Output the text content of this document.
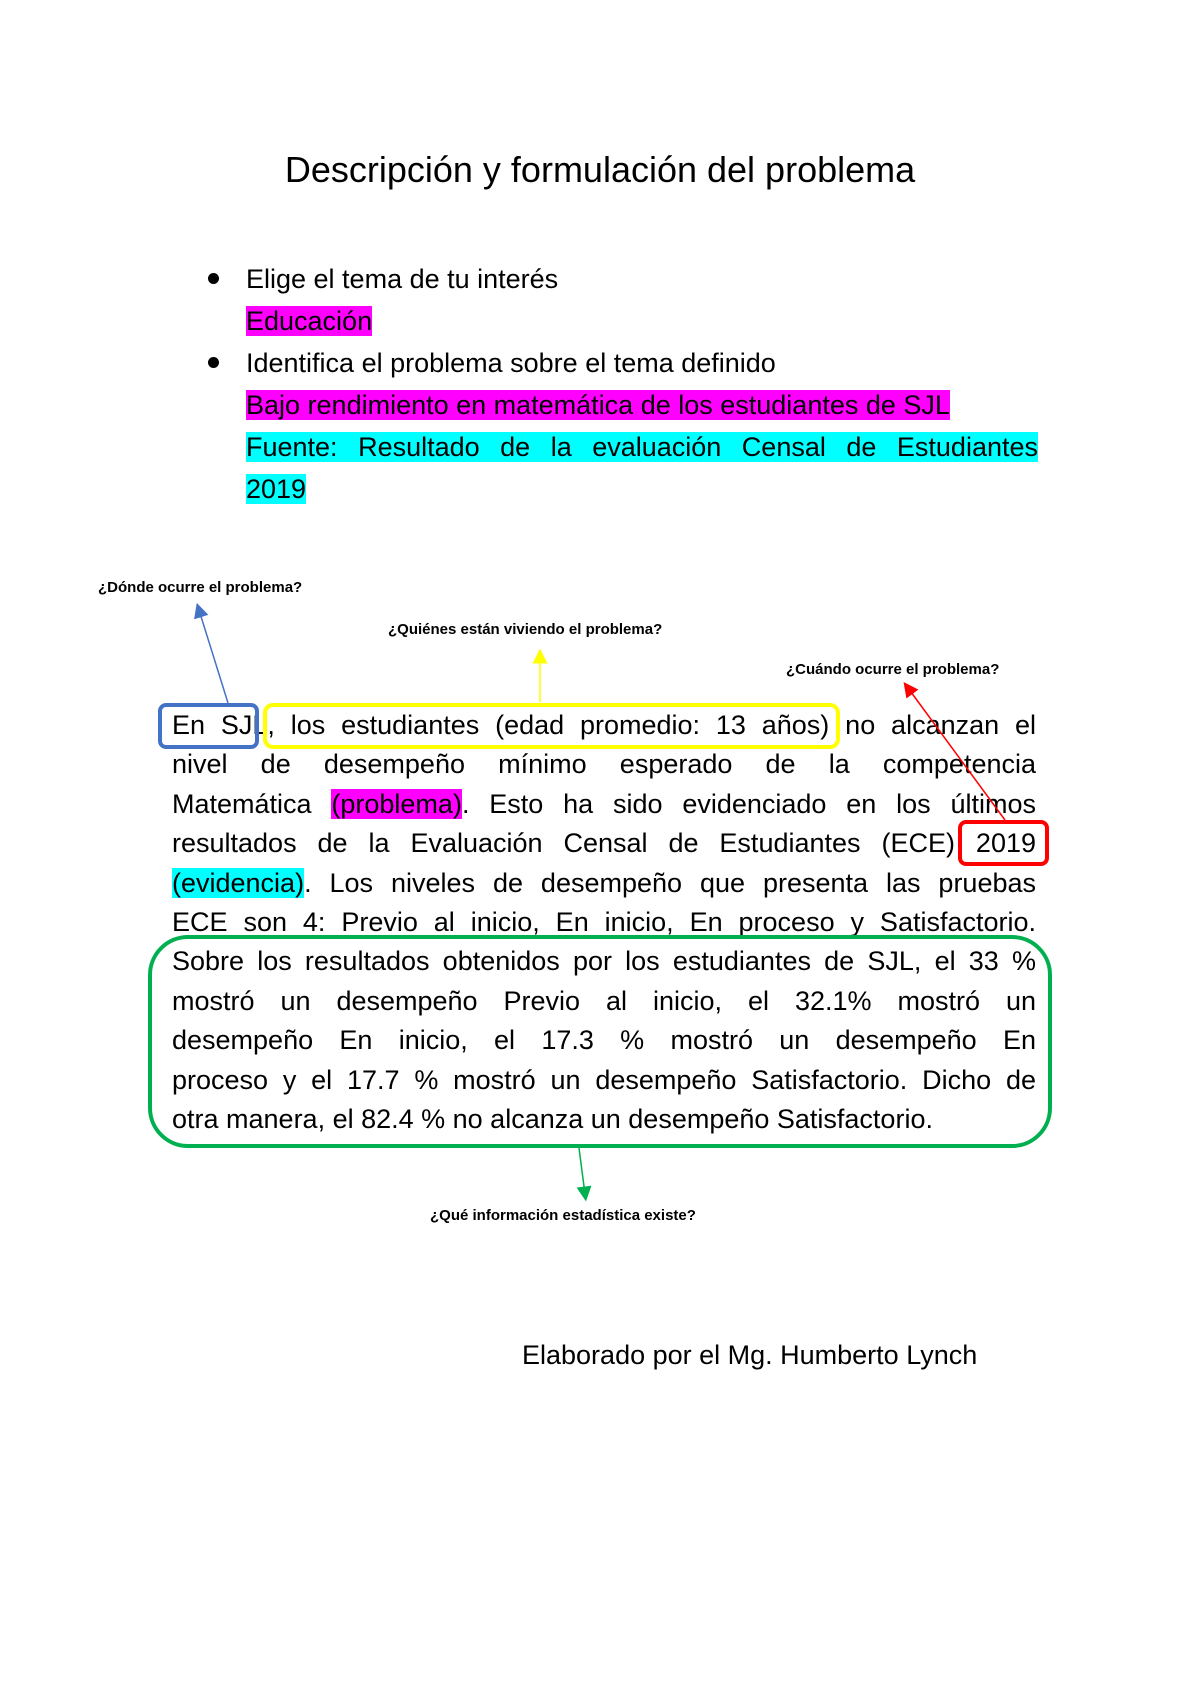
Descripción y formulación del problema
Elige el tema de tu interés
Educación
Identifica el problema sobre el tema definido
Bajo rendimiento en matemática de los estudiantes de SJL
Fuente: Resultado de la evaluación Censal de Estudiantes
2019
¿Dónde ocurre el problema?
¿Quiénes están viviendo el problema?
¿Cuándo ocurre el problema?
¿Qué información estadística existe?
En SJL, los estudiantes (edad promedio: 13 años) no alcanzan el
nivel de desempeño mínimo esperado de la competencia
Matemática (problema). Esto ha sido evidenciado en los últimos
resultados de la Evaluación Censal de Estudiantes (ECE) 2019
(evidencia). Los niveles de desempeño que presenta las pruebas
ECE son 4: Previo al inicio, En inicio, En proceso y Satisfactorio.
Sobre los resultados obtenidos por los estudiantes de SJL, el 33 %
mostró un desempeño Previo al inicio, el 32.1% mostró un
desempeño En inicio, el 17.3 % mostró un desempeño En
proceso y el 17.7 % mostró un desempeño Satisfactorio. Dicho de
otra manera, el 82.4 % no alcanza un desempeño Satisfactorio.
Elaborado por el Mg. Humberto Lynch
